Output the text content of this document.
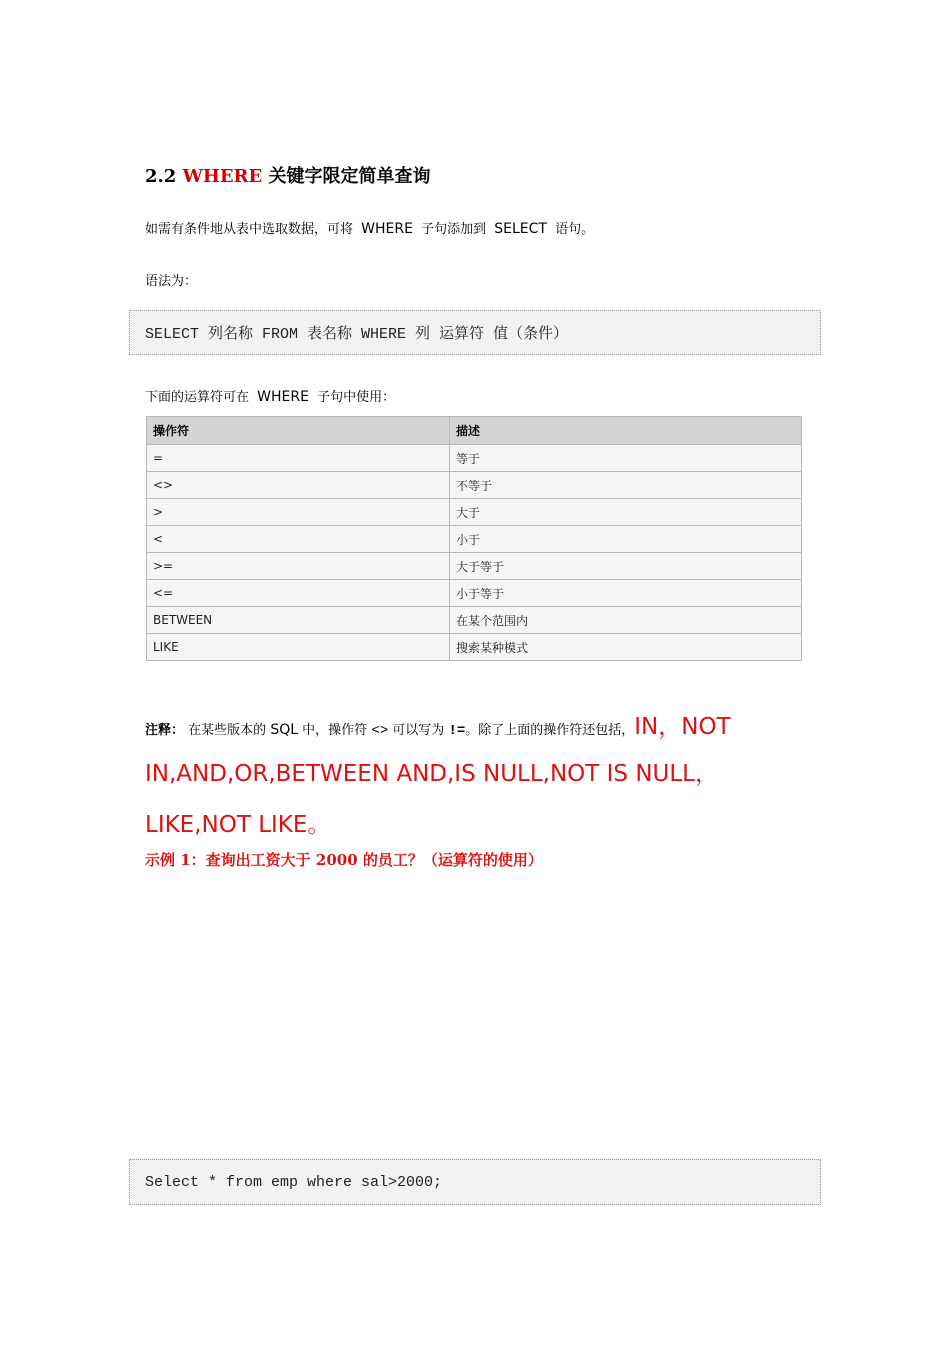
2.2 WHERE 关键字限定简单查询
如需有条件地从表中选取数据，可将 WHERE 子句添加到 SELECT 语句。
语法为：
SELECT 列名称 FROM 表名称 WHERE 列 运算符 值（条件）
下面的运算符可在 WHERE 子句中使用：
操作符	描述
=	等于
<>	不等于
>	大于
<	小于
>=	大于等于
<=	小于等于
BETWEEN	在某个范围内
LIKE	搜索某种模式
注释： 在某些版本的 SQL 中，操作符 <> 可以写为 !=。除了上面的操作符还包括，IN，NOT
IN,AND,OR,BETWEEN AND,IS NULL,NOT IS NULL，
LIKE,NOT LIKE。
示例 1：查询出工资大于 2000 的员工？（运算符的使用）
Select * from emp where sal>2000;
